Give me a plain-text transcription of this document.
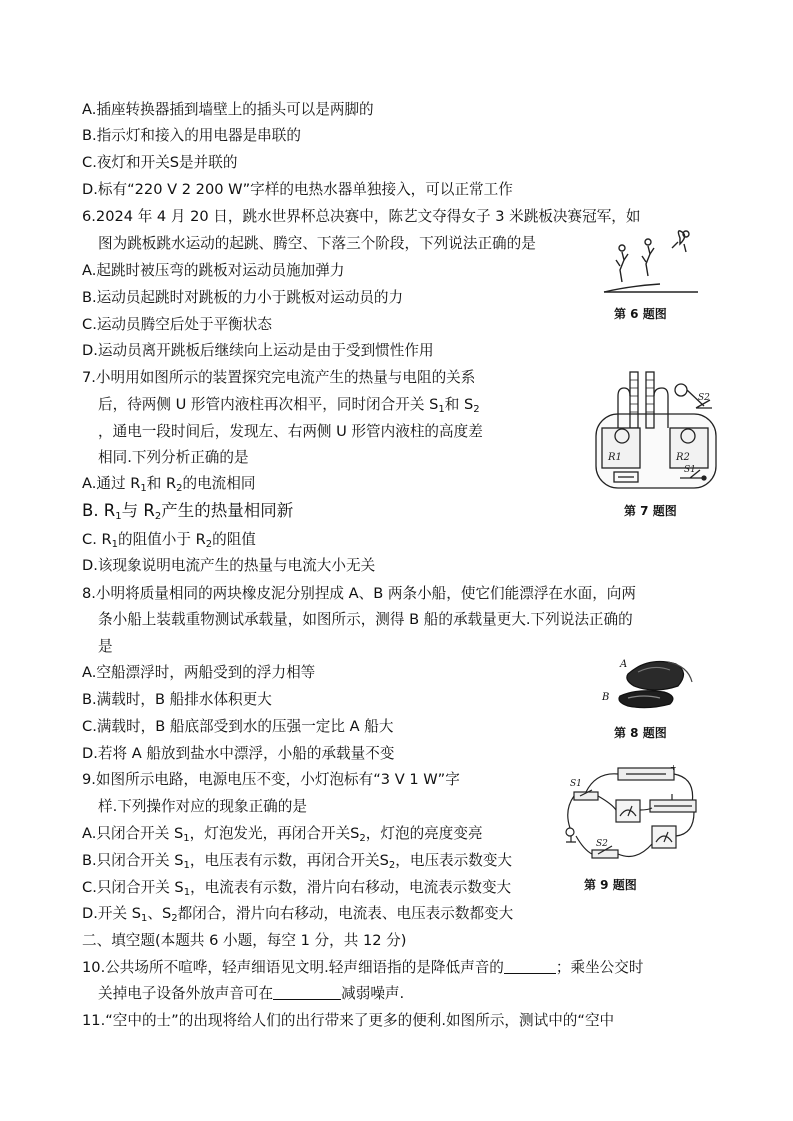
A.插座转换器插到墙壁上的插头可以是两脚的
B.指示灯和接入的用电器是串联的
C.夜灯和开关S是并联的
D.标有“220 V 2 200 W”字样的电热水器单独接入，可以正常工作
6.2024 年 4 月 20 日，跳水世界杯总决赛中，陈艺文夺得女子 3 米跳板决赛冠军，如
图为跳板跳水运动的起跳、腾空、下落三个阶段，下列说法正确的是
A.起跳时被压弯的跳板对运动员施加弹力
B.运动员起跳时对跳板的力小于跳板对运动员的力
C.运动员腾空后处于平衡状态
D.运动员离开跳板后继续向上运动是由于受到惯性作用
第 6 题图
7.小明用如图所示的装置探究完电流产生的热量与电阻的关系
后，待两侧 U 形管内液柱再次相平，同时闭合开关 $S_1$和 $S_2$
，通电一段时间后，发现左、右两侧 U 形管内液柱的高度差
相同.下列分析正确的是
A.通过 $R_1$和 $R_2$的电流相同
B. $R_1$与 $R_2$产生的热量相同新
C. $R_1$的阻值小于 $R_2$的阻值
D.该现象说明电流产生的热量与电流大小无关
R1	R2
S1
S2
第 7 题图
8.小明将质量相同的两块橡皮泥分别捏成 A、B 两条小船，使它们能漂浮在水面，向两
条小船上装载重物测试承载量，如图所示，测得 B 船的承载量更大.下列说法正确的
是
A.空船漂浮时，两船受到的浮力相等
B.满载时，B 船排水体积更大
C.满载时，B 船底部受到水的压强一定比 A 船大
D.若将 A 船放到盐水中漂浮，小船的承载量不变
A
B
第 8 题图
9.如图所示电路，电源电压不变，小灯泡标有“3 V 1 W”字
样.下列操作对应的现象正确的是
+
S1
S2
A.只闭合开关 $S_1$，灯泡发光，再闭合开关$S_2$，灯泡的亮度变亮
B.只闭合开关 $S_1$，电压表有示数，再闭合开关$S_2$，电压表示数变大
C.只闭合开关 $S_1$，电流表有示数，滑片向右移动，电流表示数变大	第 9 题图
D.开关 $S_1$、$S_2$都闭合，滑片向右移动，电流表、电压表示数都变大
二、填空题(本题共 6 小题，每空 1 分，共 12 分)
10.公共场所不喧哗，轻声细语见文明.轻声细语指的是降低声音的	；乘坐公交时
关掉电子设备外放声音可在	减弱噪声.
11.“空中的士”的出现将给人们的出行带来了更多的便利.如图所示，测试中的“空中
